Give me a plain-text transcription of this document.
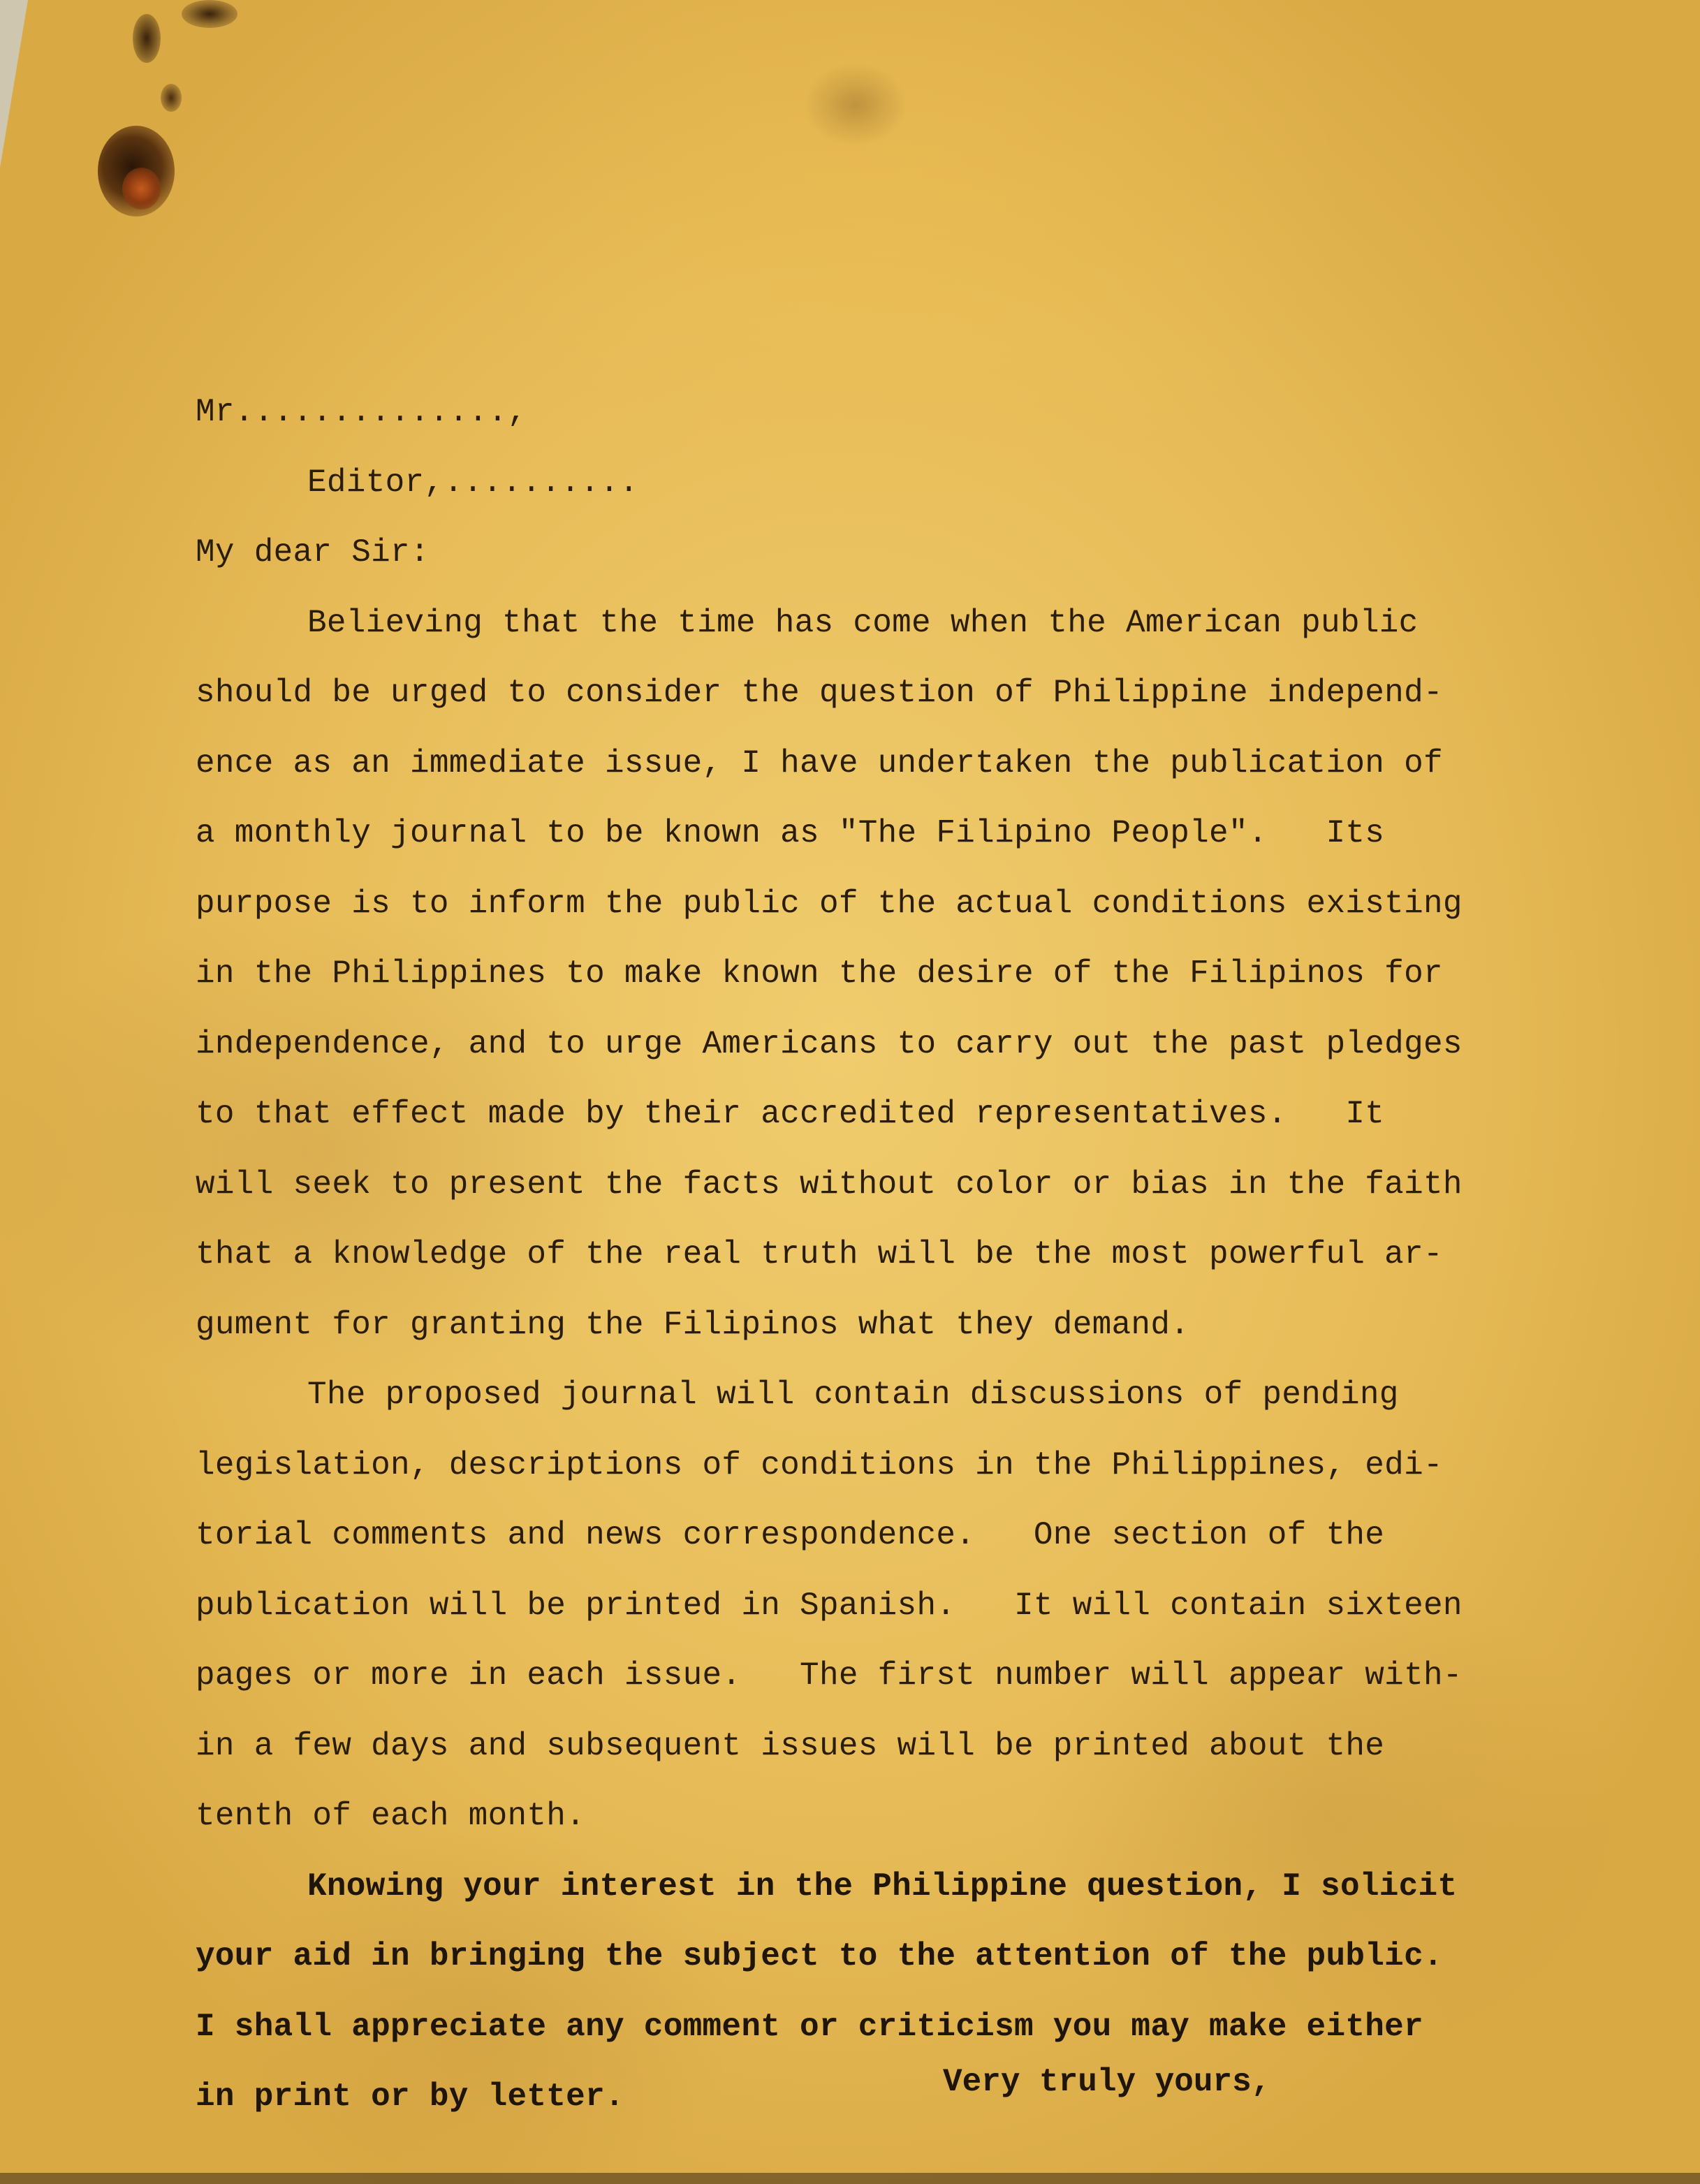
Mr..............,
Editor,..........
My dear Sir:
Believing that the time has come when the American public
should be urged to consider the question of Philippine independ-
ence as an immediate issue, I have undertaken the publication of
a monthly journal to be known as "The Filipino People".   Its
purpose is to inform the public of the actual conditions existing
in the Philippines to make known the desire of the Filipinos for
independence, and to urge Americans to carry out the past pledges
to that effect made by their accredited representatives.   It
will seek to present the facts without color or bias in the faith
that a knowledge of the real truth will be the most powerful ar-
gument for granting the Filipinos what they demand.
The proposed journal will contain discussions of pending
legislation, descriptions of conditions in the Philippines, edi-
torial comments and news correspondence.   One section of the
publication will be printed in Spanish.   It will contain sixteen
pages or more in each issue.   The first number will appear with-
in a few days and subsequent issues will be printed about the
tenth of each month.
Knowing your interest in the Philippine question, I solicit
your aid in bringing the subject to the attention of the public.
I shall appreciate any comment or criticism you may make either
in print or by letter.	Very truly yours,
